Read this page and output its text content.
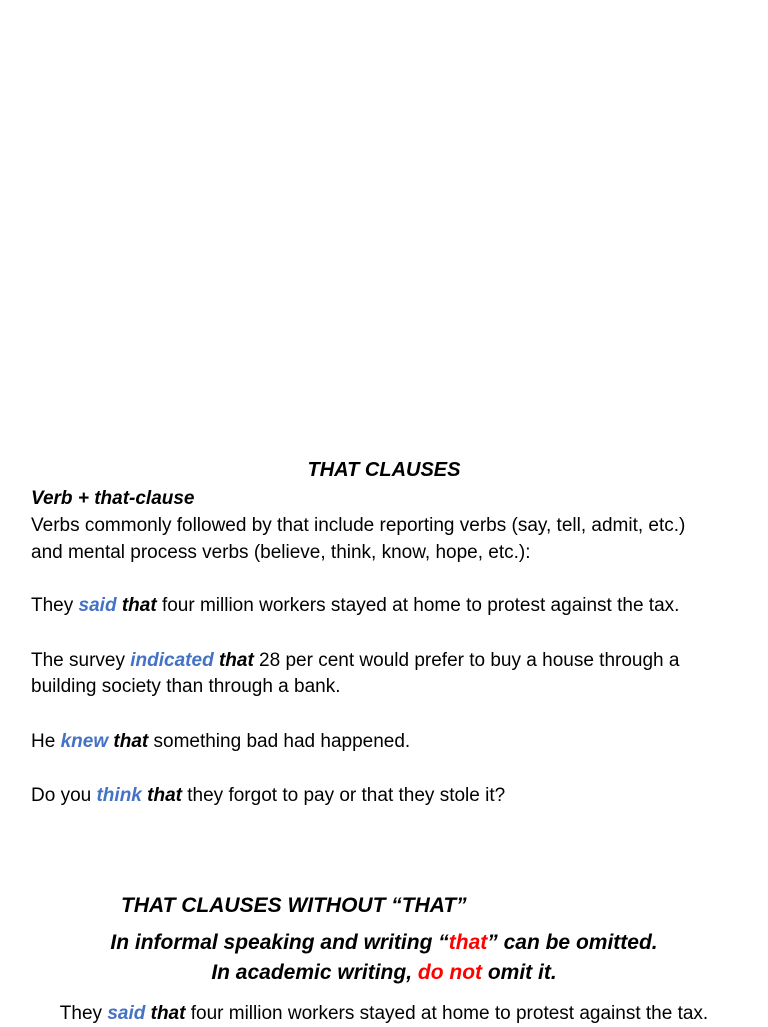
THAT CLAUSES
Verb + that-clause
Verbs commonly followed by that include reporting verbs (say, tell, admit, etc.)
and mental process verbs (believe, think, know, hope, etc.):
They said that four million workers stayed at home to protest against the tax.
The survey indicated that 28 per cent would prefer to buy a house through a
building society than through a bank.
He knew that something bad had happened.
Do you think that they forgot to pay or that they stole it?
THAT CLAUSES WITHOUT “THAT”
In informal speaking and writing “that” can be omitted.
In academic writing, do not omit it.
They said that four million workers stayed at home to protest against the tax.
